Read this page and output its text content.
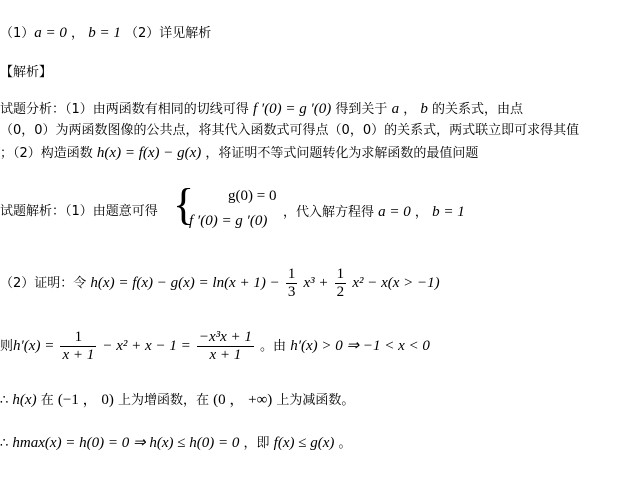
（1）a = 0 ， b = 1 （2）详见解析
【解析】
试题分析：（1）由两函数有相同的切线可得 f ′(0) = g ′(0) 得到关于 a ， b 的关系式，由点
（0，0）为两函数图像的公共点，将其代入函数式可得点（0，0）的关系式，两式联立即可求得其值
；（2）构造函数 h(x) = f(x) − g(x) ，将证明不等式问题转化为求解函数的最值问题
试题解析：（1）由题意可得 { g(0) = 0
f ′(0) = g ′(0)
，代入解方程得 a = 0 ， b = 1
（2）证明：令 $h(x) = f(x) - g(x) = \ln(x + 1) - \frac{1}{3} x^3 + \frac{1}{2} x^2 - x(x > -1)$
则$h'(x) = \frac{1}{x + 1} - x^2 + x - 1 = \frac{\text{−x³x + 1}}{x + 1}$ 。由 h′(x) > 0 ⇒ −1 < x < 0
∴ h(x) 在 (−1 ， 0) 上为增函数，在 (0 ， +∞) 上为减函数。
∴ hmax(x) = h(0) = 0 ⇒ h(x) ≤ h(0) = 0 ，即 f(x) ≤ g(x) 。
